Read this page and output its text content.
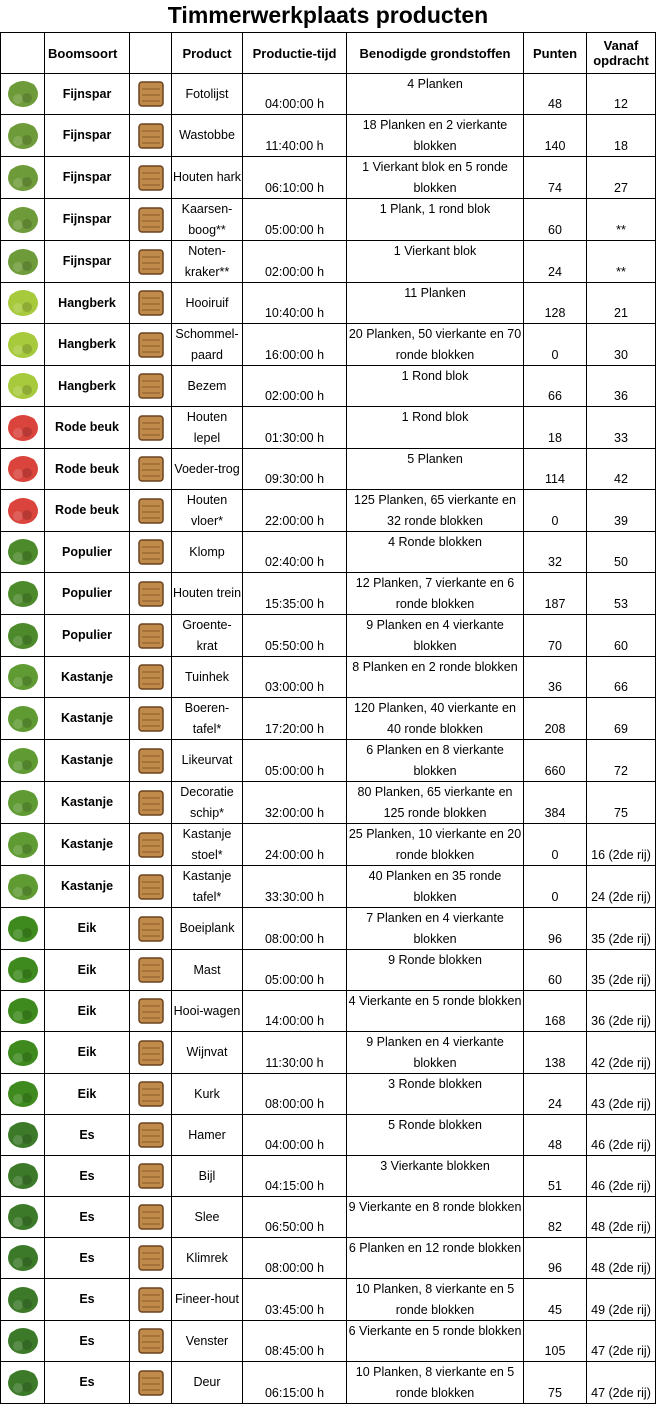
Timmerwerkplaats producten
	Boomsoort		Product	Productie-tijd	Benodigde grondstoffen	Punten	Vanaf opdracht

	Fijnspar		Fotolijst	04:00:00 h	4 Planken	48	12

	Fijnspar		Wastobbe	11:40:00 h	18 Planken en 2 vierkante blokken	140	18

	Fijnspar		Houten hark	06:10:00 h	1 Vierkant blok en 5 ronde blokken	74	27

	Fijnspar		Kaarsen-boog**	05:00:00 h	1 Plank, 1 rond blok	60	**

	Fijnspar		Noten-kraker**	02:00:00 h	1 Vierkant blok	24	**

	Hangberk		Hooiruif	10:40:00 h	11 Planken	128	21

	Hangberk		Schommel-paard	16:00:00 h	20 Planken, 50 vierkante en 70 ronde blokken	0	30

	Hangberk		Bezem	02:00:00 h	1 Rond blok	66	36

	Rode beuk		Houten lepel	01:30:00 h	1 Rond blok	18	33

	Rode beuk		Voeder-trog	09:30:00 h	5 Planken	114	42

	Rode beuk		Houten vloer*	22:00:00 h	125 Planken, 65 vierkante en 32 ronde blokken	0	39

	Populier		Klomp	02:40:00 h	4 Ronde blokken	32	50

	Populier		Houten trein	15:35:00 h	12 Planken, 7 vierkante en 6 ronde blokken	187	53

	Populier		Groente-krat	05:50:00 h	9 Planken en 4 vierkante blokken	70	60

	Kastanje		Tuinhek	03:00:00 h	8 Planken en 2 ronde blokken	36	66

	Kastanje		Boeren-tafel*	17:20:00 h	120 Planken, 40 vierkante en 40 ronde blokken	208	69

	Kastanje		Likeurvat	05:00:00 h	6 Planken en 8 vierkante blokken	660	72

	Kastanje		Decoratie schip*	32:00:00 h	80 Planken, 65 vierkante en 125 ronde blokken	384	75

	Kastanje		Kastanje stoel*	24:00:00 h	25 Planken, 10 vierkante en 20 ronde blokken	0	16 (2de rij)

	Kastanje		Kastanje tafel*	33:30:00 h	40 Planken en 35 ronde blokken	0	24 (2de rij)

	Eik		Boeiplank	08:00:00 h	7 Planken en 4 vierkante blokken	96	35 (2de rij)

	Eik		Mast	05:00:00 h	9 Ronde blokken	60	35 (2de rij)

	Eik		Hooi-wagen	14:00:00 h	4 Vierkante en 5 ronde blokken	168	36 (2de rij)

	Eik		Wijnvat	11:30:00 h	9 Planken en 4 vierkante blokken	138	42 (2de rij)

	Eik		Kurk	08:00:00 h	3 Ronde blokken	24	43 (2de rij)

	Es		Hamer	04:00:00 h	5 Ronde blokken	48	46 (2de rij)

	Es		Bijl	04:15:00 h	3 Vierkante blokken	51	46 (2de rij)

	Es		Slee	06:50:00 h	9 Vierkante en 8 ronde blokken	82	48 (2de rij)

	Es		Klimrek	08:00:00 h	6 Planken en 12 ronde blokken	96	48 (2de rij)

	Es		Fineer-hout	03:45:00 h	10 Planken, 8 vierkante en 5 ronde blokken	45	49 (2de rij)

	Es		Venster	08:45:00 h	6 Vierkante en 5 ronde blokken	105	47 (2de rij)

	Es		Deur	06:15:00 h	10 Planken, 8 vierkante en 5 ronde blokken	75	47 (2de rij)
